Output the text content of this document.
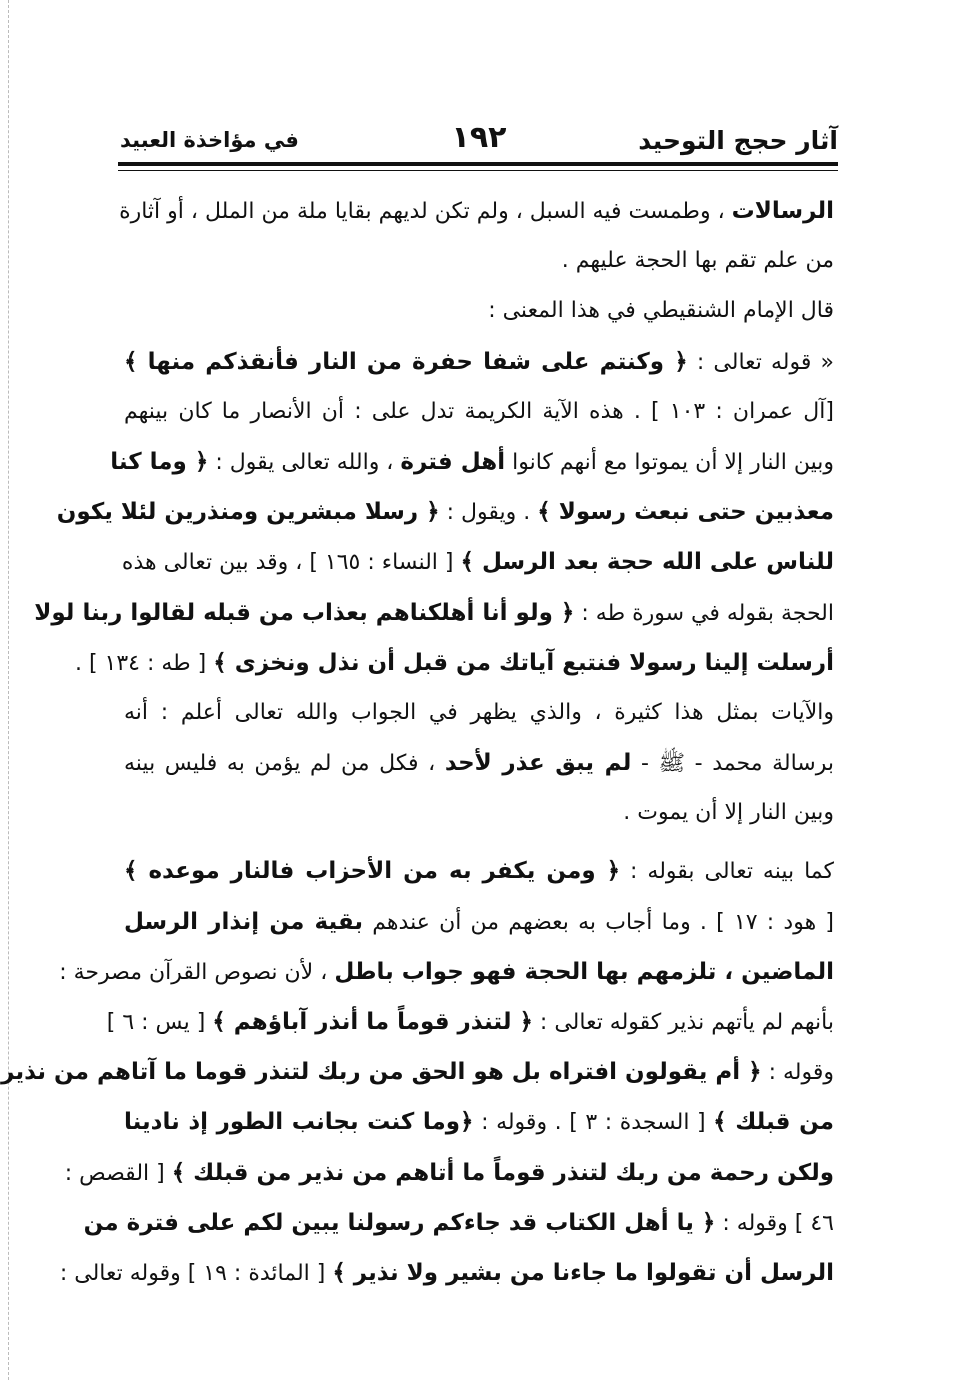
آثار حجج التوحيد
١٩٢
في مؤاخذة العبيد
الرسالات ، وطمست فيه السبل ، ولم تكن لديهم بقايا ملة من الملل ، أو آثارة
من علم تقم بها الحجة عليهم .
قال الإمام الشنقيطي في هذا المعنى :
« قوله تعالى : ﴿ وكنتم على شفا حفرة من النار فأنقذكم منها ﴾
[آل عمران : ١٠٣ ] . هذه الآية الكريمة تدل على : أن الأنصار ما كان بينهم
وبين النار إلا أن يموتوا مع أنهم كانوا أهل فترة ، والله تعالى يقول : ﴿ وما كنا
معذبين حتى نبعث رسولا ﴾ . ويقول : ﴿ رسلا مبشرين ومنذرين لئلا يكون
للناس على الله حجة بعد الرسل ﴾ [ النساء : ١٦٥ ] ، وقد بين تعالى هذه
الحجة بقوله في سورة طه : ﴿ ولو أنا أهلكناهم بعذاب من قبله لقالوا ربنا لولا
أرسلت إلينا رسولا فنتبع آياتك من قبل أن نذل ونخزى ﴾ [ طه : ١٣٤ ] .
والآيات بمثل هذا كثيرة ، والذي يظهر في الجواب والله تعالى أعلم : أنه
برسالة محمد - ﷺ - لم يبق عذر لأحد ، فكل من لم يؤمن به فليس بينه
وبين النار إلا أن يموت .
كما بينه تعالى بقوله : ﴿ ومن يكفر به من الأحزاب فالنار موعده ﴾
[ هود : ١٧ ] . وما أجاب به بعضهم من أن عندهم بقية من إنذار الرسل
الماضين ، تلزمهم بها الحجة فهو جواب باطل ، لأن نصوص القرآن مصرحة :
بأنهم لم يأتهم نذير كقوله تعالى : ﴿ لتنذر قوماً ما أنذر آباؤهم ﴾ [ يس : ٦ ]
وقوله : ﴿ أم يقولون افتراه بل هو الحق من ربك لتنذر قوما ما آتاهم من نذير
من قبلك ﴾ [ السجدة : ٣ ] . وقوله : ﴿وما كنت بجانب الطور إذ نادينا
ولكن رحمة من ربك لتنذر قوماً ما أتاهم من نذير من قبلك ﴾ [ القصص :
٤٦ ] وقوله : ﴿ يا أهل الكتاب قد جاءكم رسولنا يبين لكم على فترة من
الرسل أن تقولوا ما جاءنا من بشير ولا نذير ﴾ [ المائدة : ١٩ ] وقوله تعالى :
